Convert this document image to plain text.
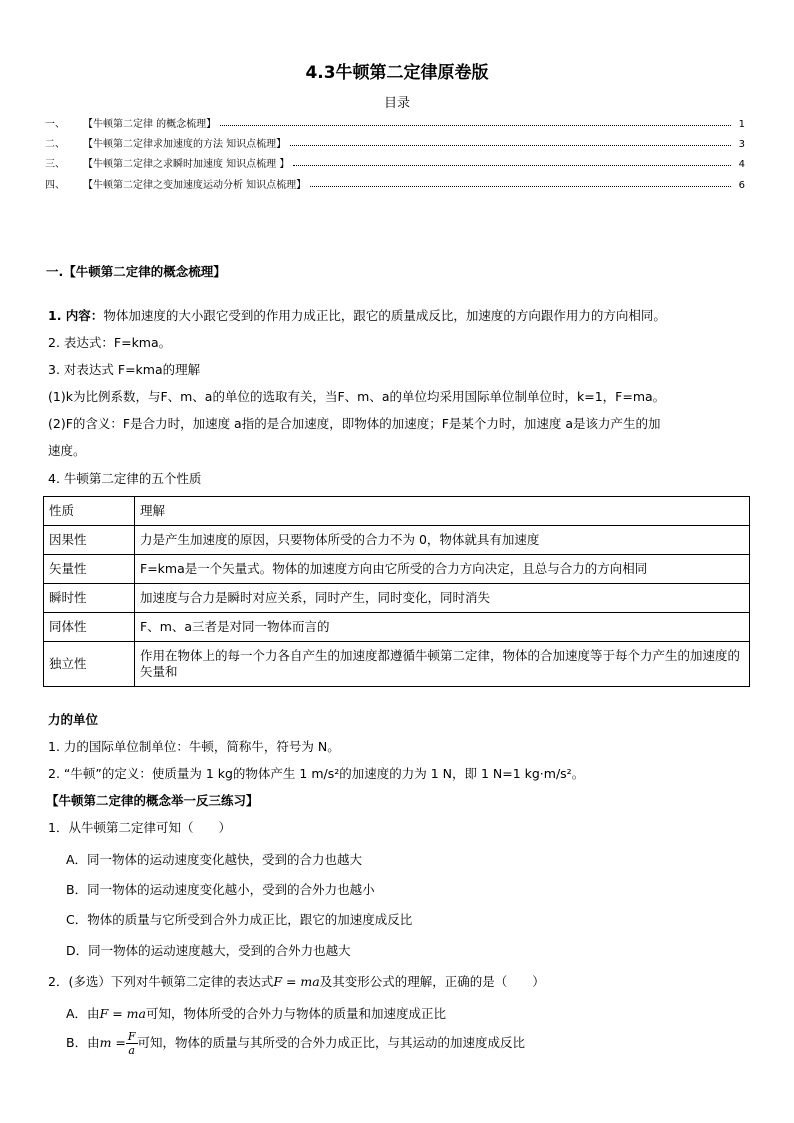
4.3牛顿第二定律原卷版
目录
一、	【牛顿第二定律 的概念梳理】	1
二、	【牛顿第二定律求加速度的方法 知识点梳理】	3
三、	【牛顿第二定律之求瞬时加速度 知识点梳理 】	4
四、	【牛顿第二定律之变加速度运动分析 知识点梳理】	6
一.【牛顿第二定律的概念梳理】
1. 内容：物体加速度的大小跟它受到的作用力成正比，跟它的质量成反比，加速度的方向跟作用力的方向相同。
2. 表达式：F=kma。
3. 对表达式 F=kma的理解
(1)k为比例系数，与F、m、a的单位的选取有关，当F、m、a的单位均采用国际单位制单位时，k=1，F=ma。
(2)F的含义：F是合力时，加速度 a指的是合加速度，即物体的加速度；F是某个力时，加速度 a是该力产生的加
速度。
4. 牛顿第二定律的五个性质
性质	理解
因果性	力是产生加速度的原因，只要物体所受的合力不为 0，物体就具有加速度
矢量性	F=kma是一个矢量式。物体的加速度方向由它所受的合力方向决定，且总与合力的方向相同
瞬时性	加速度与合力是瞬时对应关系，同时产生，同时变化，同时消失
同体性	F、m、a三者是对同一物体而言的
独立性	作用在物体上的每一个力各自产生的加速度都遵循牛顿第二定律，物体的合加速度等于每个力产生的加速度的矢量和
力的单位
1. 力的国际单位制单位：牛顿，简称牛，符号为 N。
2. “牛顿”的定义：使质量为 1 kg的物体产生 1 m/s²的加速度的力为 1 N，即 1 N=1 kg·m/s²。
【牛顿第二定律的概念举一反三练习】
1．从牛顿第二定律可知（　　）
A．同一物体的运动速度变化越快，受到的合力也越大
B．同一物体的运动速度变化越小，受到的合外力也越小
C．物体的质量与它所受到合外力成正比，跟它的加速度成反比
D．同一物体的运动速度越大，受到的合外力也越大
2．(多选）下列对牛顿第二定律的表达式F = ma及其变形公式的理解，正确的是（　　）
A．由F = ma可知，物体所受的合外力与物体的质量和加速度成正比
B．由$m = \frac{F}{a}$ 可知，物体的质量与其所受的合外力成正比，与其运动的加速度成反比
